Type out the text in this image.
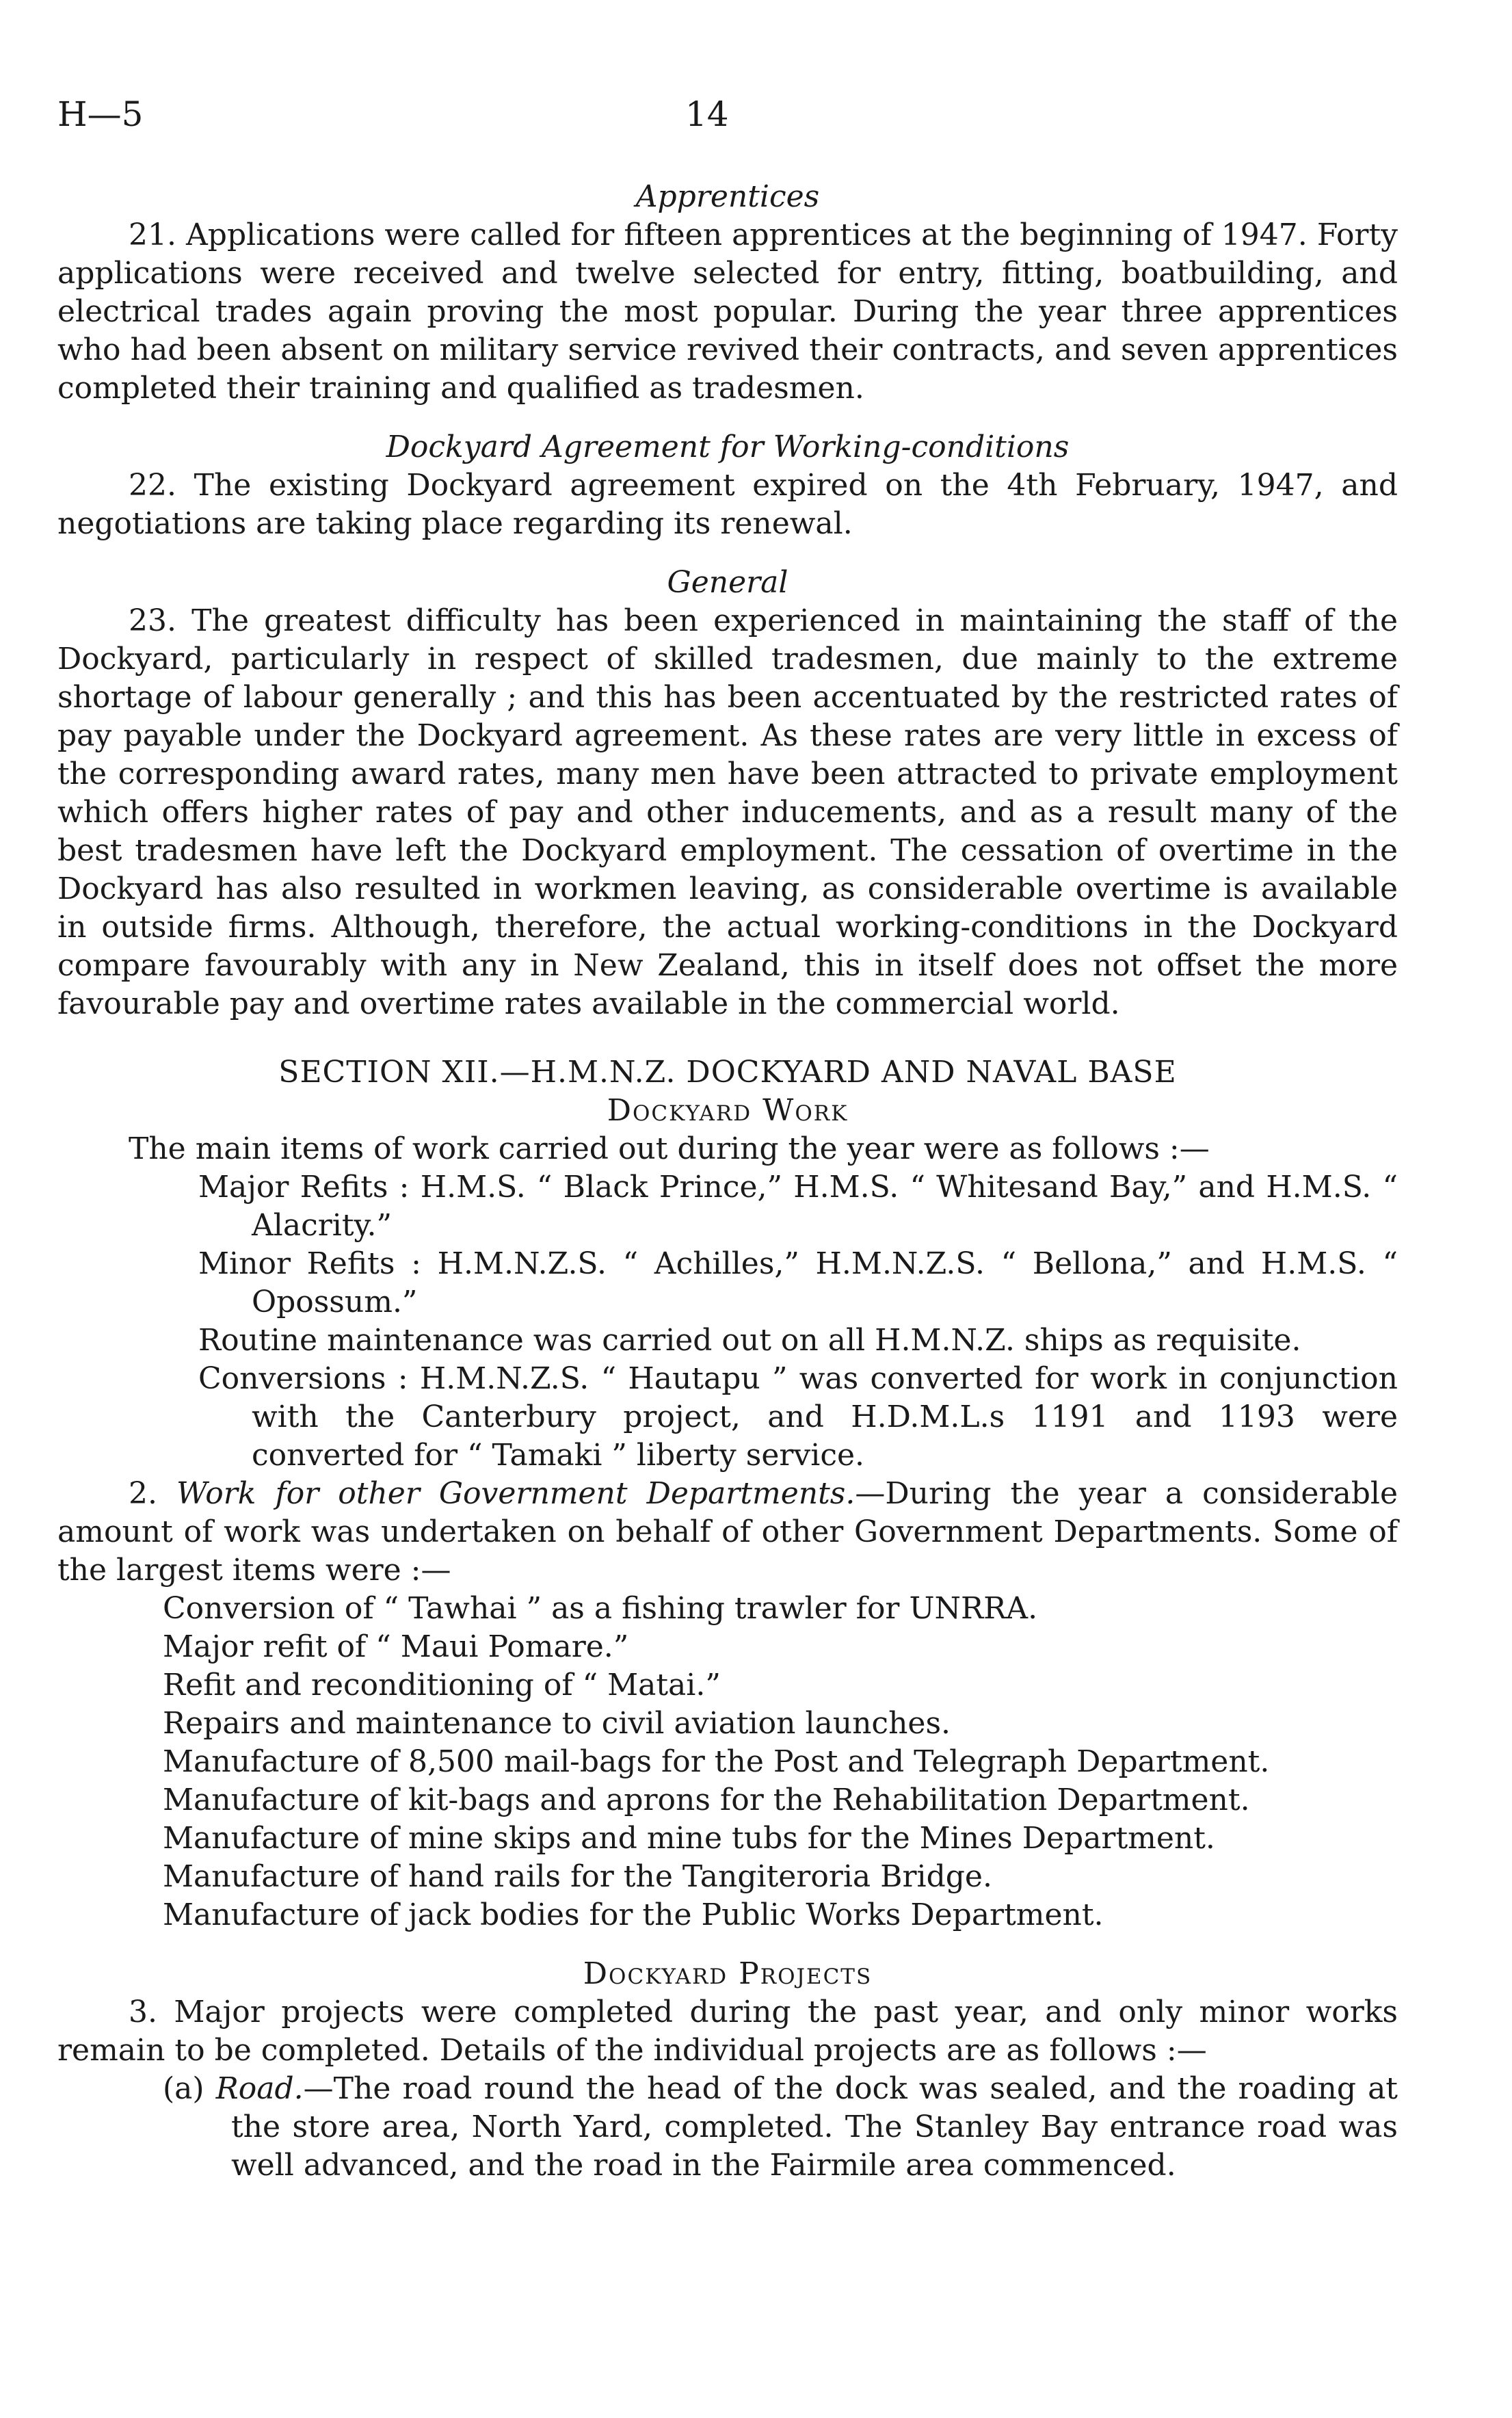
H—5	14

Apprentices

21. Applications were called for fifteen apprentices at the beginning of 1947. Forty applications were received and twelve selected for entry, fitting, boatbuilding, and electrical trades again proving the most popular. During the year three apprentices who had been absent on military service revived their contracts, and seven apprentices completed their training and qualified as tradesmen.

Dockyard Agreement for Working-conditions

22. The existing Dockyard agreement expired on the 4th February, 1947, and negotiations are taking place regarding its renewal.

General

23. The greatest difficulty has been experienced in maintaining the staff of the Dockyard, particularly in respect of skilled tradesmen, due mainly to the extreme shortage of labour generally ; and this has been accentuated by the restricted rates of pay payable under the Dockyard agreement. As these rates are very little in excess of the corresponding award rates, many men have been attracted to private employment which offers higher rates of pay and other inducements, and as a result many of the best tradesmen have left the Dockyard employment. The cessation of overtime in the Dockyard has also resulted in workmen leaving, as considerable overtime is available in outside firms. Although, therefore, the actual working-conditions in the Dockyard compare favourably with any in New Zealand, this in itself does not offset the more favourable pay and overtime rates available in the commercial world.

SECTION XII.—H.M.N.Z. DOCKYARD AND NAVAL BASE

Dockyard Work

The main items of work carried out during the year were as follows :—

Major Refits : H.M.S. “ Black Prince,” H.M.S. “ Whitesand Bay,” and H.M.S. “ Alacrity.”

Minor Refits : H.M.N.Z.S. “ Achilles,” H.M.N.Z.S. “ Bellona,” and H.M.S. “ Opossum.”

Routine maintenance was carried out on all H.M.N.Z. ships as requisite.

Conversions : H.M.N.Z.S. “ Hautapu ” was converted for work in conjunction with the Canterbury project, and H.D.M.L.s 1191 and 1193 were converted for “ Tamaki ” liberty service.

2. Work for other Government Departments.—During the year a considerable amount of work was undertaken on behalf of other Government Departments. Some of the largest items were :—

Conversion of “ Tawhai ” as a fishing trawler for UNRRA.

Major refit of “ Maui Pomare.”

Refit and reconditioning of “ Matai.”

Repairs and maintenance to civil aviation launches.

Manufacture of 8,500 mail-bags for the Post and Telegraph Department.

Manufacture of kit-bags and aprons for the Rehabilitation Department.

Manufacture of mine skips and mine tubs for the Mines Department.

Manufacture of hand rails for the Tangiteroria Bridge.

Manufacture of jack bodies for the Public Works Department.

Dockyard Projects

3. Major projects were completed during the past year, and only minor works remain to be completed. Details of the individual projects are as follows :—

(a) Road.—The road round the head of the dock was sealed, and the roading at the store area, North Yard, completed. The Stanley Bay entrance road was well advanced, and the road in the Fairmile area commenced.
